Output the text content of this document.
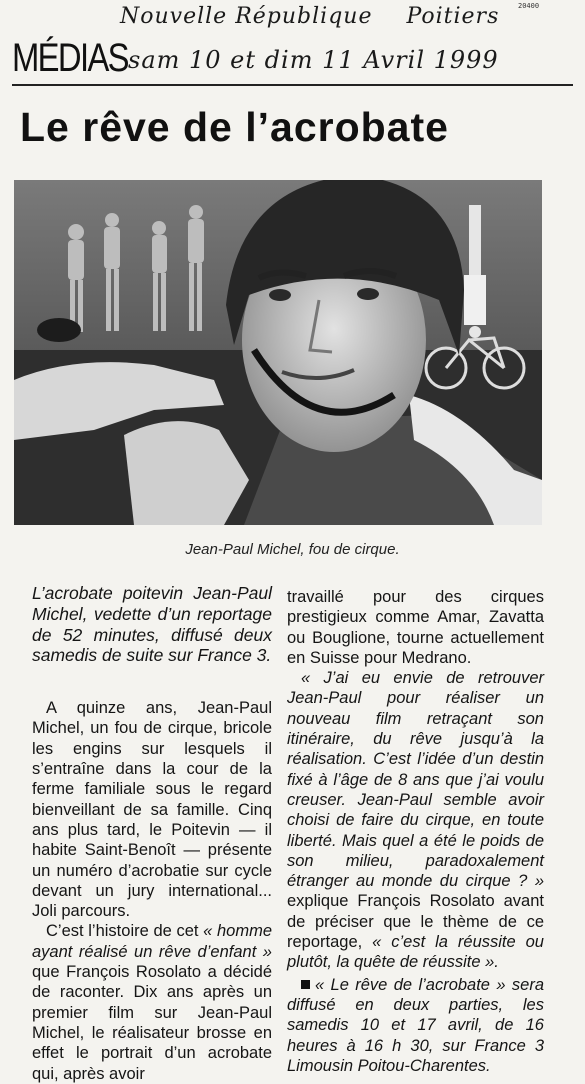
20400
Nouvelle République Poitiers
sam 10 et dim 11 Avril 1999
MÉDIAS
Le rêve de l’acrobate
Jean-Paul Michel, fou de cirque.

L’acrobate poitevin Jean-Paul Michel, vedette d’un reportage de 52 minutes, diffusé deux samedis de suite sur France 3.

A quinze ans, Jean-Paul Michel, un fou de cirque, bricole les engins sur lesquels il s’entraîne dans la cour de la ferme familiale sous le regard bienveillant de sa famille. Cinq ans plus tard, le Poitevin — il habite Saint-Benoît — présente un numéro d’acrobatie sur cycle devant un jury international... Joli parcours.

C’est l’histoire de cet « homme ayant réalisé un rêve d’enfant » que François Rosolato a décidé de raconter. Dix ans après un premier film sur Jean-Paul Michel, le réalisateur brosse en effet le portrait d’un acrobate qui, après avoir

travaillé pour des cirques prestigieux comme Amar, Zavatta ou Bouglione, tourne actuellement en Suisse pour Medrano.

« J’ai eu envie de retrouver Jean-Paul pour réaliser un nouveau film retraçant son itinéraire, du rêve jusqu’à la réalisation. C’est l’idée d’un destin fixé à l’âge de 8 ans que j’ai voulu creuser. Jean-Paul semble avoir choisi de faire du cirque, en toute liberté. Mais quel a été le poids de son milieu, paradoxalement étranger au monde du cirque ? » explique François Rosolato avant de préciser que le thème de ce reportage, « c’est la réussite ou plutôt, la quête de réussite ».

« Le rêve de l’acrobate » sera diffusé en deux parties, les samedis 10 et 17 avril, de 16 heures à 16 h 30, sur France 3 Limousin Poitou-Charentes.
